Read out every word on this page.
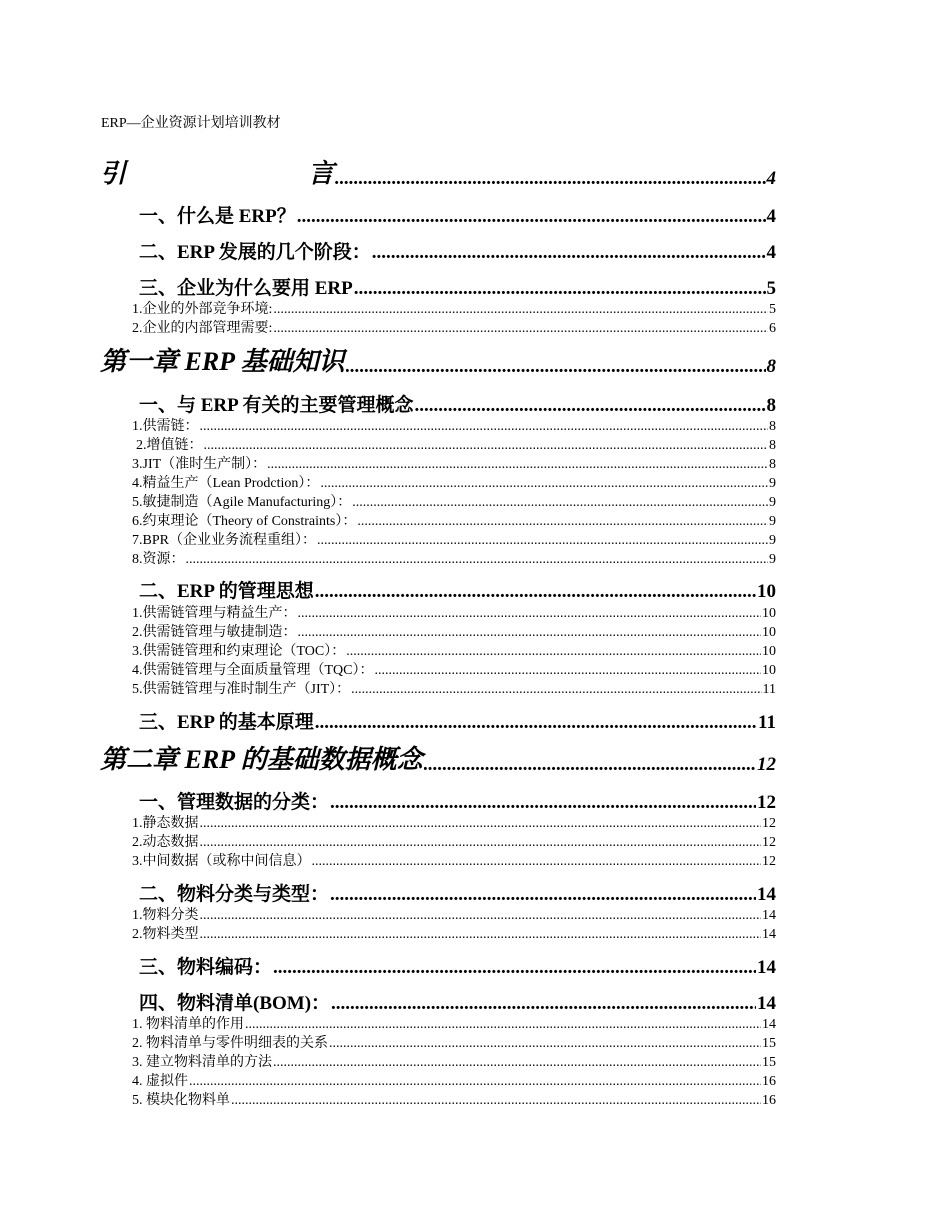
ERP—企业资源计划培训教材
引	言 .....	4
一、什么是 ERP？ .....	4
二、ERP 发展的几个阶段： .....	4
三、企业为什么要用 ERP .....	5
1.企业的外部竞争环境: .....	5
2.企业的内部管理需要: .....	6
第一章 ERP 基础知识 .....	8
一、与 ERP 有关的主要管理概念 .....	8
1.供需链： .....	8
2.增值链： .....	8
3.JIT（准时生产制）： .....	8
4.精益生产（Lean Prodction）： .....	9
5.敏捷制造（Agile Manufacturing）： .....	9
6.约束理论（Theory of Constraints）： .....	9
7.BPR（企业业务流程重组）： .....	9
8.资源： .....	9
二、ERP 的管理思想 .....	10
1.供需链管理与精益生产： .....	10
2.供需链管理与敏捷制造： .....	10
3.供需链管理和约束理论（TOC）： .....	10
4.供需链管理与全面质量管理（TQC）： .....	10
5.供需链管理与准时制生产（JIT）： .....	11
三、ERP 的基本原理 .....	11
第二章 ERP 的基础数据概念 .....	12
一、管理数据的分类： .....	12
1.静态数据 .....	12
2.动态数据 .....	12
3.中间数据（或称中间信息） .....	12
二、物料分类与类型： .....	14
1.物料分类 .....	14
2.物料类型 .....	14
三、物料编码： .....	14
四、物料清单(BOM)： .....	14
1. 物料清单的作用 .....	14
2. 物料清单与零件明细表的关系 .....	15
3. 建立物料清单的方法 .....	15
4. 虚拟件 .....	16
5. 模块化物料单 .....	16
